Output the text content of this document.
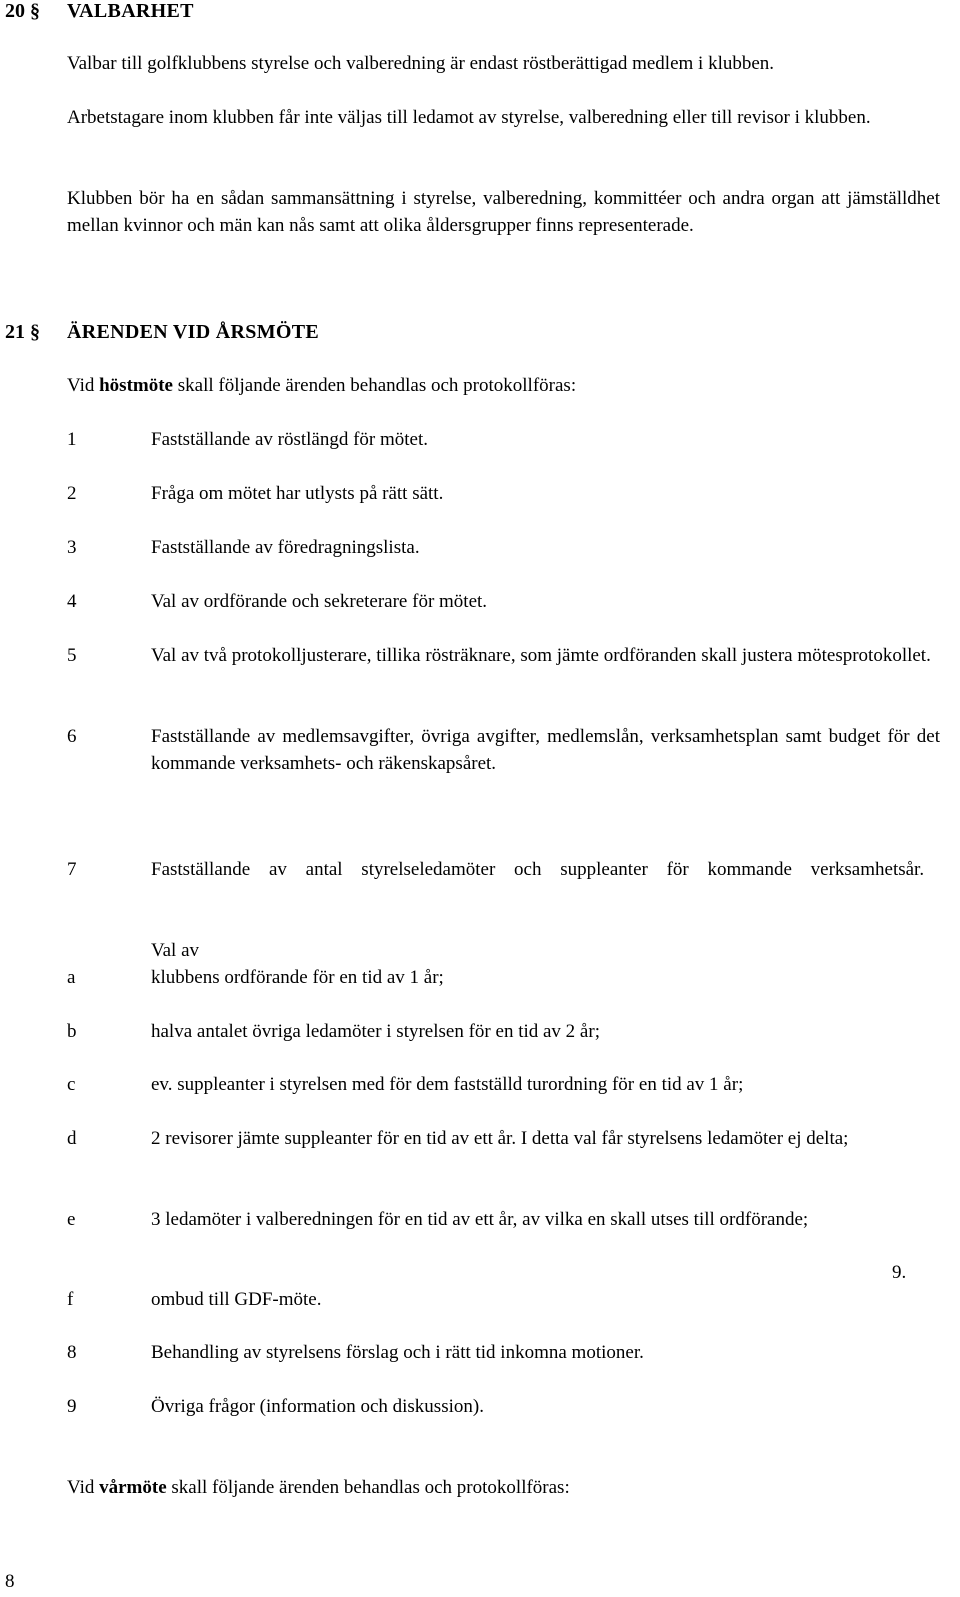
20 § VALBARHET

Valbar till golfklubbens styrelse och valberedning är endast röstberättigad medlem i klubben.

Arbetstagare inom klubben får inte väljas till ledamot av styrelse, valberedning eller till revisor i klubben.

Klubben bör ha en sådan sammansättning i styrelse, valberedning, kommittéer och andra organ att jämställdhet mellan kvinnor och män kan nås samt att olika åldersgrupper finns representerade.

21 § ÄRENDEN VID ÅRSMÖTE

Vid höstmöte skall följande ärenden behandlas och protokollföras:

1	Fastställande av röstlängd för mötet.
2	Fråga om mötet har utlysts på rätt sätt.
3	Fastställande av föredragningslista.
4	Val av ordförande och sekreterare för mötet.
5	Val av två protokolljusterare, tillika rösträknare, som jämte ordföranden skall justera mötesprotokollet.
6	Fastställande av medlemsavgifter, övriga avgifter, medlemslån, verksamhetsplan samt budget för det kommande verksamhets- och räkenskapsåret.
7	Fastställande av antal styrelseledamöter och suppleanter för kommande verksamhetsår.
Val av
a	klubbens ordförande för en tid av 1 år;
b	halva antalet övriga ledamöter i styrelsen för en tid av 2 år;
c	ev. suppleanter i styrelsen med för dem fastställd turordning för en tid av 1 år;
d	2 revisorer jämte suppleanter för en tid av ett år. I detta val får styrelsens ledamöter ej delta;
e	3 ledamöter i valberedningen för en tid av ett år, av vilka en skall utses till ordförande;
9.
f	ombud till GDF-möte.
8	Behandling av styrelsens förslag och i rätt tid inkomna motioner.
9	Övriga frågor (information och diskussion).

Vid vårmöte skall följande ärenden behandlas och protokollföras:

8
